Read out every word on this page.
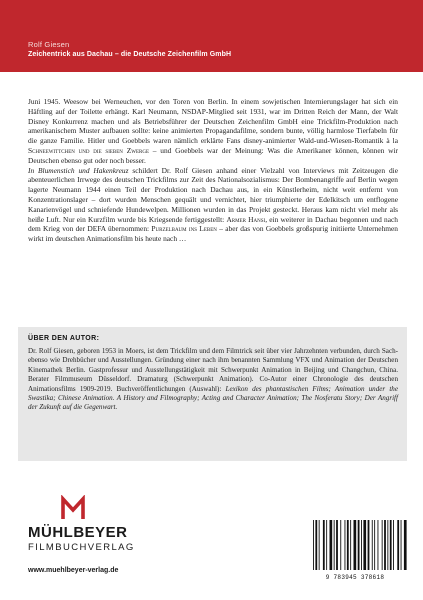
Rolf Giesen
Zeichentrick aus Dachau – die Deutsche Zeichenfilm GmbH

Juni 1945. Weesow bei Werneuchen, vor den Toren von Berlin. In einem sowjetischen Internierungslager hat sich ein Häftling auf der Toilette erhängt. Karl Neumann, NSDAP-Mitglied seit 1931, war im Dritten Reich der Mann, der Walt Disney Konkurrenz machen und als Betriebsführer der Deutschen Zeichenfilm GmbH eine Trickfilm-Produktion nach amerikanischem Muster aufbauen sollte: keine animierten Propagandafilme, sondern bunte, völlig harmlose Tierfabeln für die ganze Familie. Hitler und Goebbels waren nämlich erklärte Fans disney-animierter Wald-und-Wiesen-Romantik à la Schneewittchen und die sieben Zwerge – und Goebbels war der Meinung: Was die Amerikaner können, können wir Deutschen ebenso gut oder noch besser.

In Blumenstich und Hakenkreuz schildert Dr. Rolf Giesen anhand einer Vielzahl von Interviews mit Zeitzeugen die abenteuerlichen Irrwege des deutschen Trickfilms zur Zeit des Nationalsozialismus: Der Bombenangriffe auf Berlin wegen lagerte Neumann 1944 einen Teil der Produktion nach Dachau aus, in ein Künstlerheim, nicht weit entfernt von Konzentrationslager – dort wurden Menschen gequält und vernichtet, hier triumphierte der Edelkitsch um entflogene Kanarienvögel und schniefende Hundewelpen. Millionen wurden in das Projekt gesteckt. Heraus kam nicht viel mehr als heiße Luft. Nur ein Kurzfilm wurde bis Kriegsende fertiggestellt: Armer Hansi, ein weiterer in Dachau begonnen und nach dem Krieg von der DEFA übernommen: Purzelbaum ins Leben – aber das von Goebbels großspurig initiierte Unternehmen wirkt im deutschen Animationsfilm bis heute nach …

ÜBER DEN AUTOR:
Dr. Rolf Giesen, geboren 1953 in Moers, ist dem Trickfilm und dem Filmtrick seit über vier Jahrzehnten verbunden, durch Sach- ebenso wie Drehbücher und Ausstellungen. Gründung einer nach ihm benannten Sammlung VFX und Animation der Deutschen Kinemathek Berlin. Gastprofessur und Ausstellungstätigkeit mit Schwerpunkt Animation in Beijing und Changchun, China. Berater Filmmuseum Düsseldorf. Dramaturg (Schwerpunkt Animation). Co-Autor einer Chronologie des deutschen Animationsfilms 1909-2019. Buchveröffentlichungen (Auswahl): Lexikon des phantastischen Films; Animation under the Swastika; Chinese Animation. A History and Filmography; Acting and Character Animation; The Nosferatu Story; Der Angriff der Zukunft auf die Gegenwart.
MÜHLBEYER
FILMBUCHVERLAG
www.muehlbeyer-verlag.de
9 783945 378618
